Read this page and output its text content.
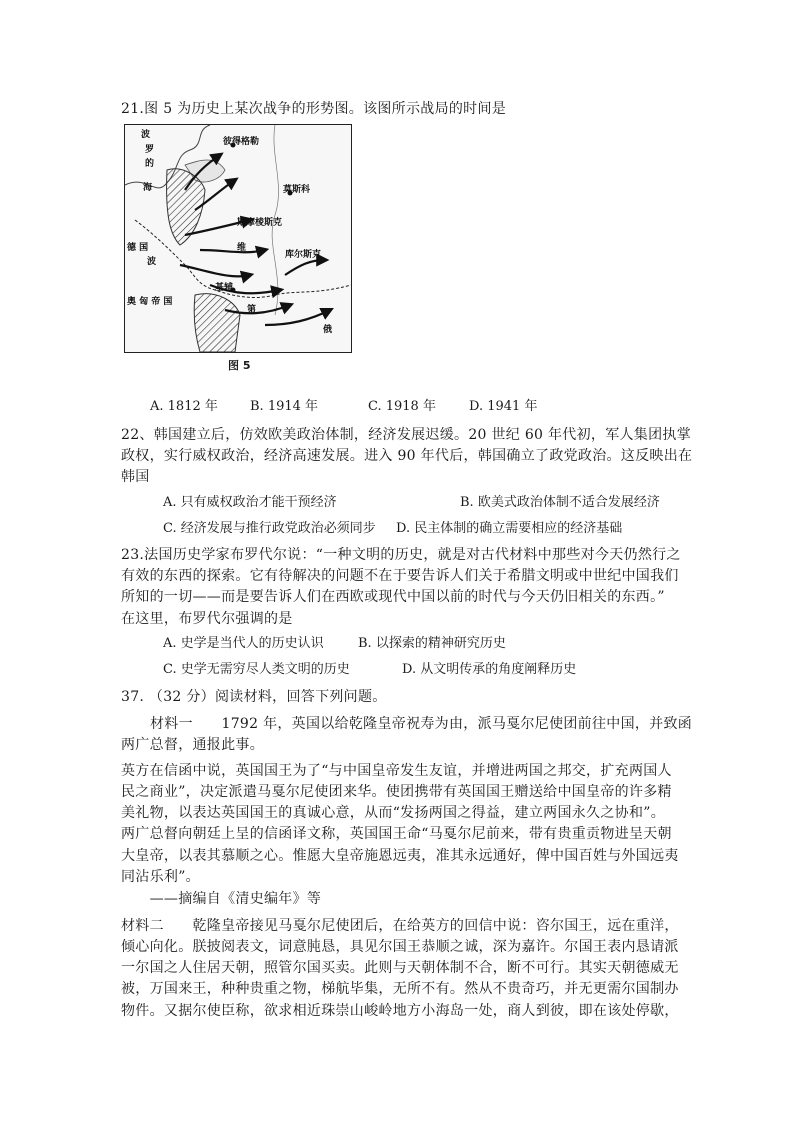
21.图 5 为历史上某次战争的形势图。该图所示战局的时间是
波
罗
的
海
彼得格勒
莫斯科
斯摩棱斯克
库尔斯克
基辅
德 国
奥 匈 帝 国
波
维
第
俄
图 5
A. 1812 年 B. 1914 年	C. 1918 年	D. 1941 年
22、韩国建立后，仿效欧美政治体制，经济发展迟缓。20 世纪 60 年代初，军人集团执掌
政权，实行威权政治，经济高速发展。进入 90 年代后，韩国确立了政党政治。这反映出在
韩国
A. 只有威权政治才能干预经济	B. 欧美式政治体制不适合发展经济
C. 经济发展与推行政党政治必须同步 D. 民主体制的确立需要相应的经济基础
23.法国历史学家布罗代尔说：“一种文明的历史，就是对古代材料中那些对今天仍然行之
有效的东西的探索。它有待解决的问题不在于要告诉人们关于希腊文明或中世纪中国我们
所知的一切——而是要告诉人们在西欧或现代中国以前的时代与今天仍旧相关的东西。”
在这里，布罗代尔强调的是
A. 史学是当代人的历史认识	B. 以探索的精神研究历史
C. 史学无需穷尽人类文明的历史	D. 从文明传承的角度阐释历史
37. （32 分）阅读材料，回答下列问题。
材料一　　1792 年，英国以给乾隆皇帝祝寿为由，派马戛尔尼使团前往中国，并致函
两广总督，通报此事。
英方在信函中说，英国国王为了“与中国皇帝发生友谊，并增进两国之邦交，扩充两国人
民之商业”，决定派遣马戛尔尼使团来华。使团携带有英国国王赠送给中国皇帝的许多精
美礼物，以表达英国国王的真诚心意，从而“发扬两国之得益，建立两国永久之协和”。
两广总督向朝廷上呈的信函译文称，英国国王命“马戛尔尼前来，带有贵重贡物进呈天朝
大皇帝，以表其慕顺之心。惟愿大皇帝施恩远夷，准其永远通好，俾中国百姓与外国远夷
同沾乐利”。
　　——摘编自《清史编年》等
材料二　　乾隆皇帝接见马戛尔尼使团后，在给英方的回信中说：咨尔国王，远在重洋，
倾心向化。朕披阅表文，词意肫恳，具见尔国王恭顺之诚，深为嘉许。尔国王表内恳请派
一尔国之人住居天朝，照管尔国买卖。此则与天朝体制不合，断不可行。其实天朝德威无
被，万国来王，种种贵重之物，梯航毕集，无所不有。然从不贵奇巧，并无更需尔国制办
物件。又据尔使臣称，欲求相近珠崇山峻岭地方小海岛一处，商人到彼，即在该处停歇，
